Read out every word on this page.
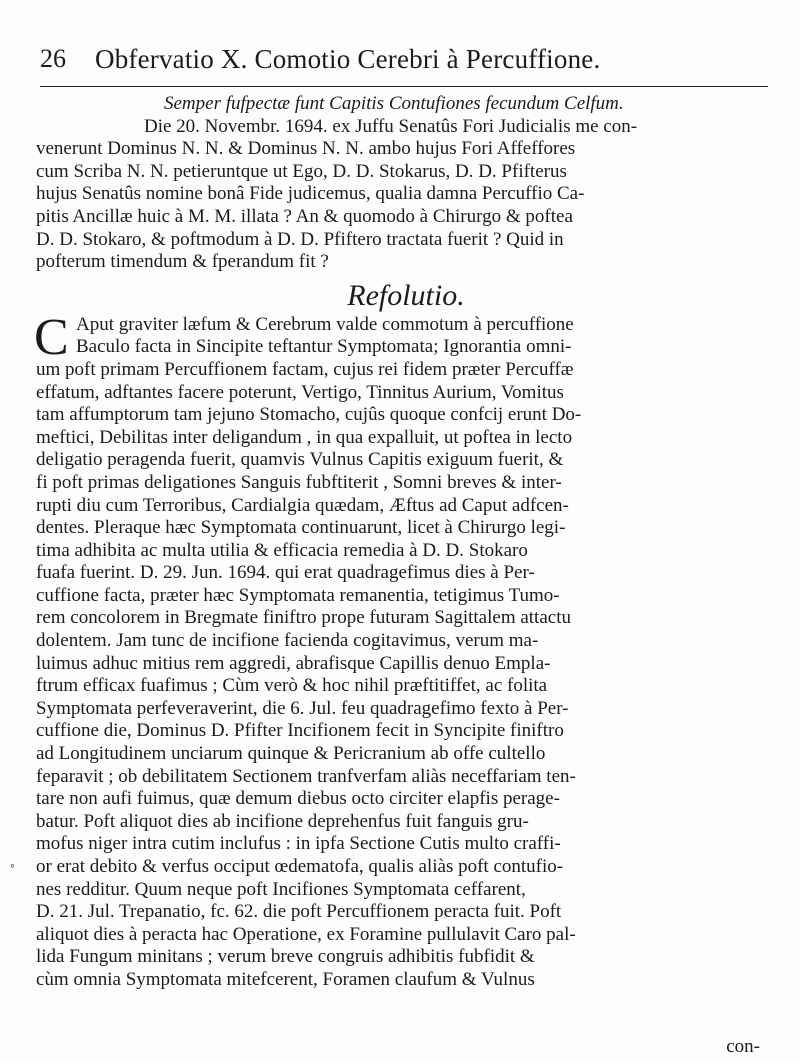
26 Obfervatio X. Comotio Cerebri à Percuffione.
Semper fufpectæ funt Capitis Contufiones fecundum Celfum.
Die 20. Novembr. 1694. ex Juffu Senatûs Fori Judicialis me con-
venerunt Dominus N. N. & Dominus N. N. ambo hujus Fori Affeffores
cum Scriba N. N. petieruntque ut Ego, D. D. Stokarus, D. D. Pfifterus
hujus Senatûs nomine bonâ Fide judicemus, qualia damna Percuffio Ca-
pitis Ancillæ huic à M. M. illata ? An & quomodo à Chirurgo & poftea
D. D. Stokaro, & poftmodum à D. D. Pfiftero tractata fuerit ? Quid in
pofterum timendum & fperandum fit ?
Refolutio.
C Aput graviter læfum & Cerebrum valde commotum à percuffione
Baculo facta in Sincipite teftantur Symptomata; Ignorantia omni-
um poft primam Percuffionem factam, cujus rei fidem præter Percuffæ
effatum, adftantes facere poterunt, Vertigo, Tinnitus Aurium, Vomitus
tam affumptorum tam jejuno Stomacho, cujûs quoque confcij erunt Do-
meftici, Debilitas inter deligandum , in qua expalluit, ut poftea in lecto
deligatio peragenda fuerit, quamvis Vulnus Capitis exiguum fuerit, &
fi poft primas deligationes Sanguis fubftiterit , Somni breves & inter-
rupti diu cum Terroribus, Cardialgia quædam, Æftus ad Caput adfcen-
dentes. Pleraque hæc Symptomata continuarunt, licet à Chirurgo legi-
tima adhibita ac multa utilia & efficacia remedia à D. D. Stokaro
fuafa fuerint. D. 29. Jun. 1694. qui erat quadragefimus dies à Per-
cuffione facta, præter hæc Symptomata remanentia, tetigimus Tumo-
rem concolorem in Bregmate finiftro prope futuram Sagittalem attactu
dolentem. Jam tunc de incifione facienda cogitavimus, verum ma-
luimus adhuc mitius rem aggredi, abrafisque Capillis denuo Empla-
ftrum efficax fuafimus ; Cùm verò & hoc nihil præftitiffet, ac folita
Symptomata perfeveraverint, die 6. Jul. feu quadragefimo fexto à Per-
cuffione die, Dominus D. Pfifter Incifionem fecit in Syncipite finiftro
ad Longitudinem unciarum quinque & Pericranium ab offe cultello
feparavit ; ob debilitatem Sectionem tranfverfam aliàs neceffariam ten-
tare non aufi fuimus, quæ demum diebus octo circiter elapfis perage-
batur. Poft aliquot dies ab incifione deprehenfus fuit fanguis gru-
mofus niger intra cutim inclufus : in ipfa Sectione Cutis multo craffi-
◦ or erat debito & verfus occiput œdematofa, qualis aliàs poft contufio-
nes redditur. Quum neque poft Incifiones Symptomata ceffarent,
D. 21. Jul. Trepanatio, fc. 62. die poft Percuffionem peracta fuit. Poft
aliquot dies à peracta hac Operatione, ex Foramine pullulavit Caro pal-
lida Fungum minitans ; verum breve congruis adhibitis fubfidit &
cùm omnia Symptomata mitefcerent, Foramen claufum & Vulnus
con-
